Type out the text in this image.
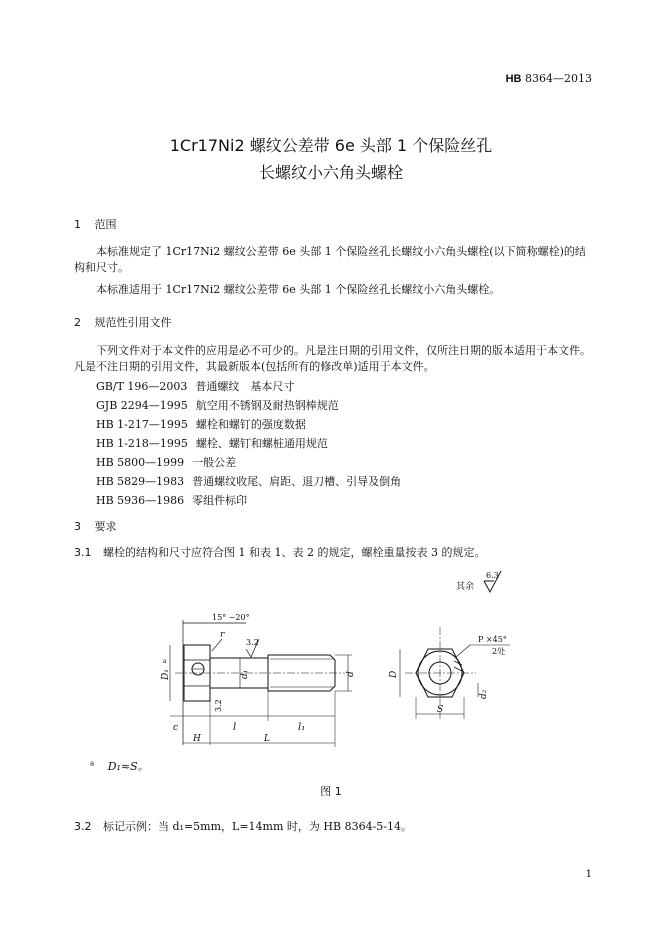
HB 8364—2013
1Cr17Ni2 螺纹公差带 6e 头部 1 个保险丝孔
长螺纹小六角头螺栓
1 范围
本标准规定了 1Cr17Ni2 螺纹公差带 6e 头部 1 个保险丝孔长螺纹小六角头螺栓(以下简称螺栓)的结构和尺寸。
本标准适用于 1Cr17Ni2 螺纹公差带 6e 头部 1 个保险丝孔长螺纹小六角头螺栓。
2 规范性引用文件
下列文件对于本文件的应用是必不可少的。凡是注日期的引用文件，仅所注日期的版本适用于本文件。凡是不注日期的引用文件，其最新版本(包括所有的修改单)适用于本文件。
GB/T 196—2003 普通螺纹　基本尺寸
GJB 2294—1995 航空用不锈钢及耐热钢棒规范
HB 1-217—1995 螺栓和螺钉的强度数据
HB 1-218—1995 螺栓、螺钉和螺桩通用规范
HB 5800—1999 一般公差
HB 5829—1983 普通螺纹收尾、肩距、退刀槽、引导及倒角
HB 5936—1986 零组件标印
3 要求
3.1 螺栓的结构和尺寸应符合图 1 和表 1、表 2 的规定，螺栓重量按表 3 的规定。
其余
6.3
15° ~20°
r
3.2
3.2
a
D₁	d₁	d
c	l	l₁
H	L
P ×45°
2处
D
d₂
S
$^a$ D₁≈S。
图 1
3.2 标记示例：当 d₁=5mm，L=14mm 时，为 HB 8364-5-14。
1
